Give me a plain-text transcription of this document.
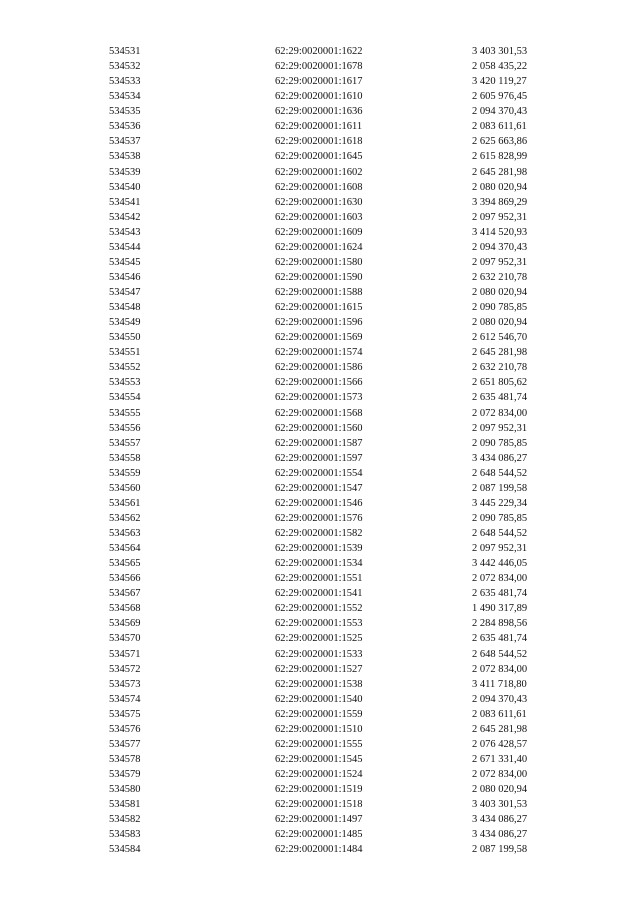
534531	62:29:0020001:1622	3 403 301,53
534532	62:29:0020001:1678	2 058 435,22
534533	62:29:0020001:1617	3 420 119,27
534534	62:29:0020001:1610	2 605 976,45
534535	62:29:0020001:1636	2 094 370,43
534536	62:29:0020001:1611	2 083 611,61
534537	62:29:0020001:1618	2 625 663,86
534538	62:29:0020001:1645	2 615 828,99
534539	62:29:0020001:1602	2 645 281,98
534540	62:29:0020001:1608	2 080 020,94
534541	62:29:0020001:1630	3 394 869,29
534542	62:29:0020001:1603	2 097 952,31
534543	62:29:0020001:1609	3 414 520,93
534544	62:29:0020001:1624	2 094 370,43
534545	62:29:0020001:1580	2 097 952,31
534546	62:29:0020001:1590	2 632 210,78
534547	62:29:0020001:1588	2 080 020,94
534548	62:29:0020001:1615	2 090 785,85
534549	62:29:0020001:1596	2 080 020,94
534550	62:29:0020001:1569	2 612 546,70
534551	62:29:0020001:1574	2 645 281,98
534552	62:29:0020001:1586	2 632 210,78
534553	62:29:0020001:1566	2 651 805,62
534554	62:29:0020001:1573	2 635 481,74
534555	62:29:0020001:1568	2 072 834,00
534556	62:29:0020001:1560	2 097 952,31
534557	62:29:0020001:1587	2 090 785,85
534558	62:29:0020001:1597	3 434 086,27
534559	62:29:0020001:1554	2 648 544,52
534560	62:29:0020001:1547	2 087 199,58
534561	62:29:0020001:1546	3 445 229,34
534562	62:29:0020001:1576	2 090 785,85
534563	62:29:0020001:1582	2 648 544,52
534564	62:29:0020001:1539	2 097 952,31
534565	62:29:0020001:1534	3 442 446,05
534566	62:29:0020001:1551	2 072 834,00
534567	62:29:0020001:1541	2 635 481,74
534568	62:29:0020001:1552	1 490 317,89
534569	62:29:0020001:1553	2 284 898,56
534570	62:29:0020001:1525	2 635 481,74
534571	62:29:0020001:1533	2 648 544,52
534572	62:29:0020001:1527	2 072 834,00
534573	62:29:0020001:1538	3 411 718,80
534574	62:29:0020001:1540	2 094 370,43
534575	62:29:0020001:1559	2 083 611,61
534576	62:29:0020001:1510	2 645 281,98
534577	62:29:0020001:1555	2 076 428,57
534578	62:29:0020001:1545	2 671 331,40
534579	62:29:0020001:1524	2 072 834,00
534580	62:29:0020001:1519	2 080 020,94
534581	62:29:0020001:1518	3 403 301,53
534582	62:29:0020001:1497	3 434 086,27
534583	62:29:0020001:1485	3 434 086,27
534584	62:29:0020001:1484	2 087 199,58
